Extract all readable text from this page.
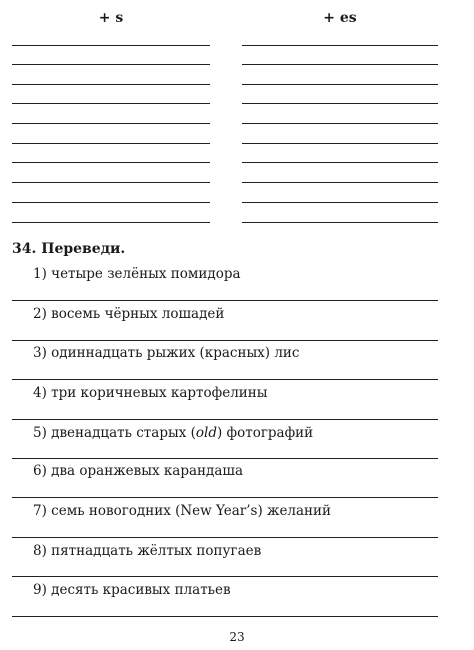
+ s	+ es
34. Переведи.
1) четыре зелёных помидора
2) восемь чёрных лошадей
3) одиннадцать рыжих (красных) лис
4) три коричневых картофелины
5) двенадцать старых (old) фотографий
6) два оранжевых карандаша
7) семь новогодних (New Year’s) желаний
8) пятнадцать жёлтых попугаев
9) десять красивых платьев
23
